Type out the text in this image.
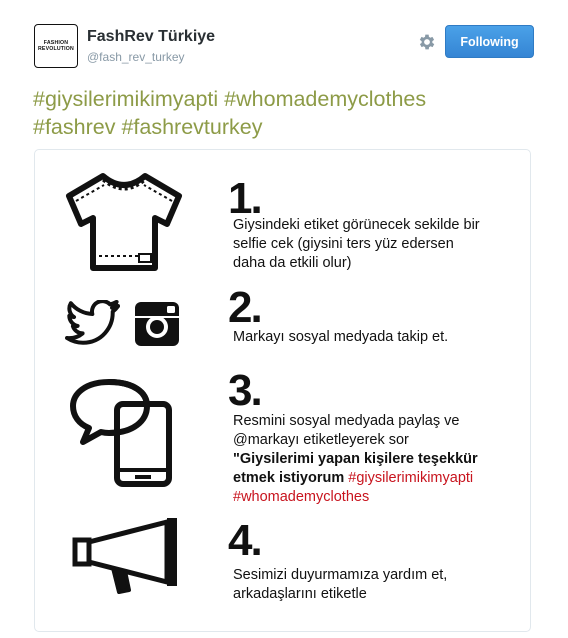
FASHION
REVOLUTION
FashRev Türkiye
@fash_rev_turkey
Following
#giysilerimikimyapti #whomademyclothes
#fashrev #fashrevturkey
1.
Giysindeki etiket görünecek sekilde bir
selfie cek (giysini ters yüz edersen
daha da etkili olur)
2.
Markayı sosyal medyada takip et.
3.
Resmini sosyal medyada paylaş ve
@markayı etiketleyerek sor
"Giysilerimi yapan kişilere teşekkür
etmek istiyorum #giysilerimikimyapti
#whomademyclothes
4.
Sesimizi duyurmamıza yardım et,
arkadaşlarını etiketle
